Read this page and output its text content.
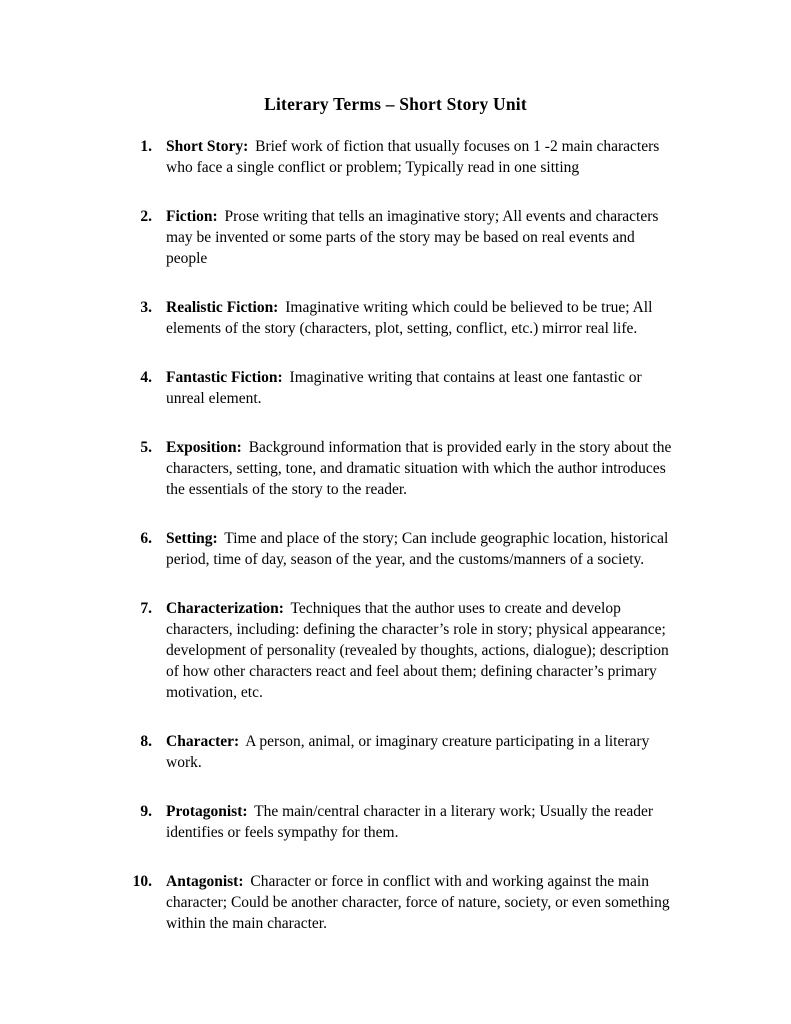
Literary Terms – Short Story Unit
1. Short Story: Brief work of fiction that usually focuses on 1 -2 main characters who face a single conflict or problem; Typically read in one sitting
2. Fiction: Prose writing that tells an imaginative story; All events and characters may be invented or some parts of the story may be based on real events and people
3. Realistic Fiction: Imaginative writing which could be believed to be true; All elements of the story (characters, plot, setting, conflict, etc.) mirror real life.
4. Fantastic Fiction: Imaginative writing that contains at least one fantastic or unreal element.
5. Exposition: Background information that is provided early in the story about the characters, setting, tone, and dramatic situation with which the author introduces the essentials of the story to the reader.
6. Setting: Time and place of the story; Can include geographic location, historical period, time of day, season of the year, and the customs/manners of a society.
7. Characterization: Techniques that the author uses to create and develop characters, including: defining the character’s role in story; physical appearance; development of personality (revealed by thoughts, actions, dialogue); description of how other characters react and feel about them; defining character’s primary motivation, etc.
8. Character: A person, animal, or imaginary creature participating in a literary work.
9. Protagonist: The main/central character in a literary work; Usually the reader identifies or feels sympathy for them.
10. Antagonist: Character or force in conflict with and working against the main character; Could be another character, force of nature, society, or even something within the main character.
